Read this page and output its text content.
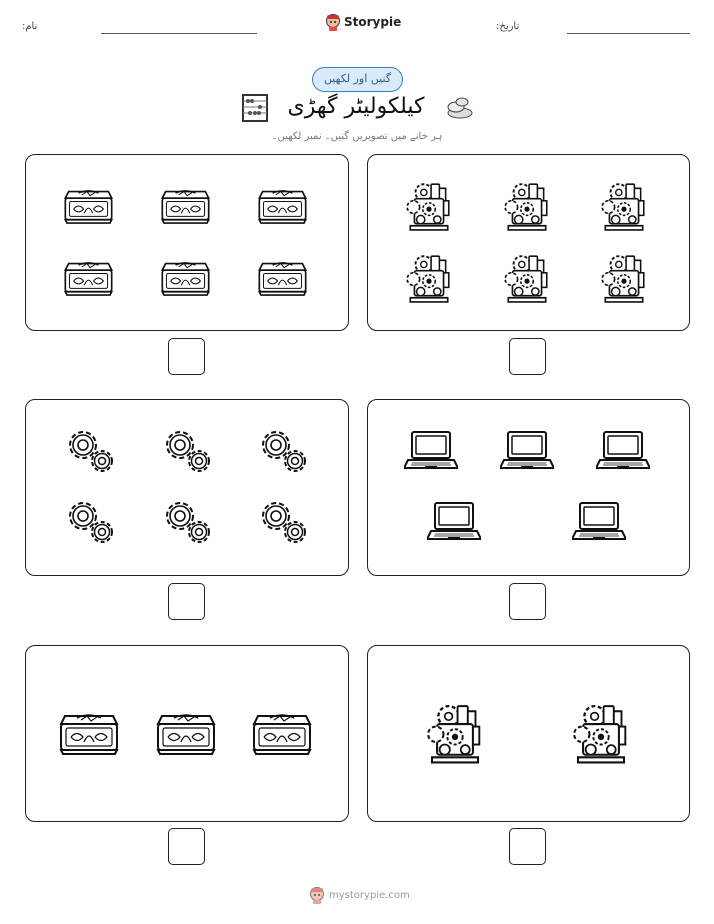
تاریخ:
Storypie
نام:
گنیں اور لکھیں
کیلکولیٹر گھڑی
ہر خانے میں تصویریں گنیں۔ نمبر لکھیں۔
mystorypie.com
